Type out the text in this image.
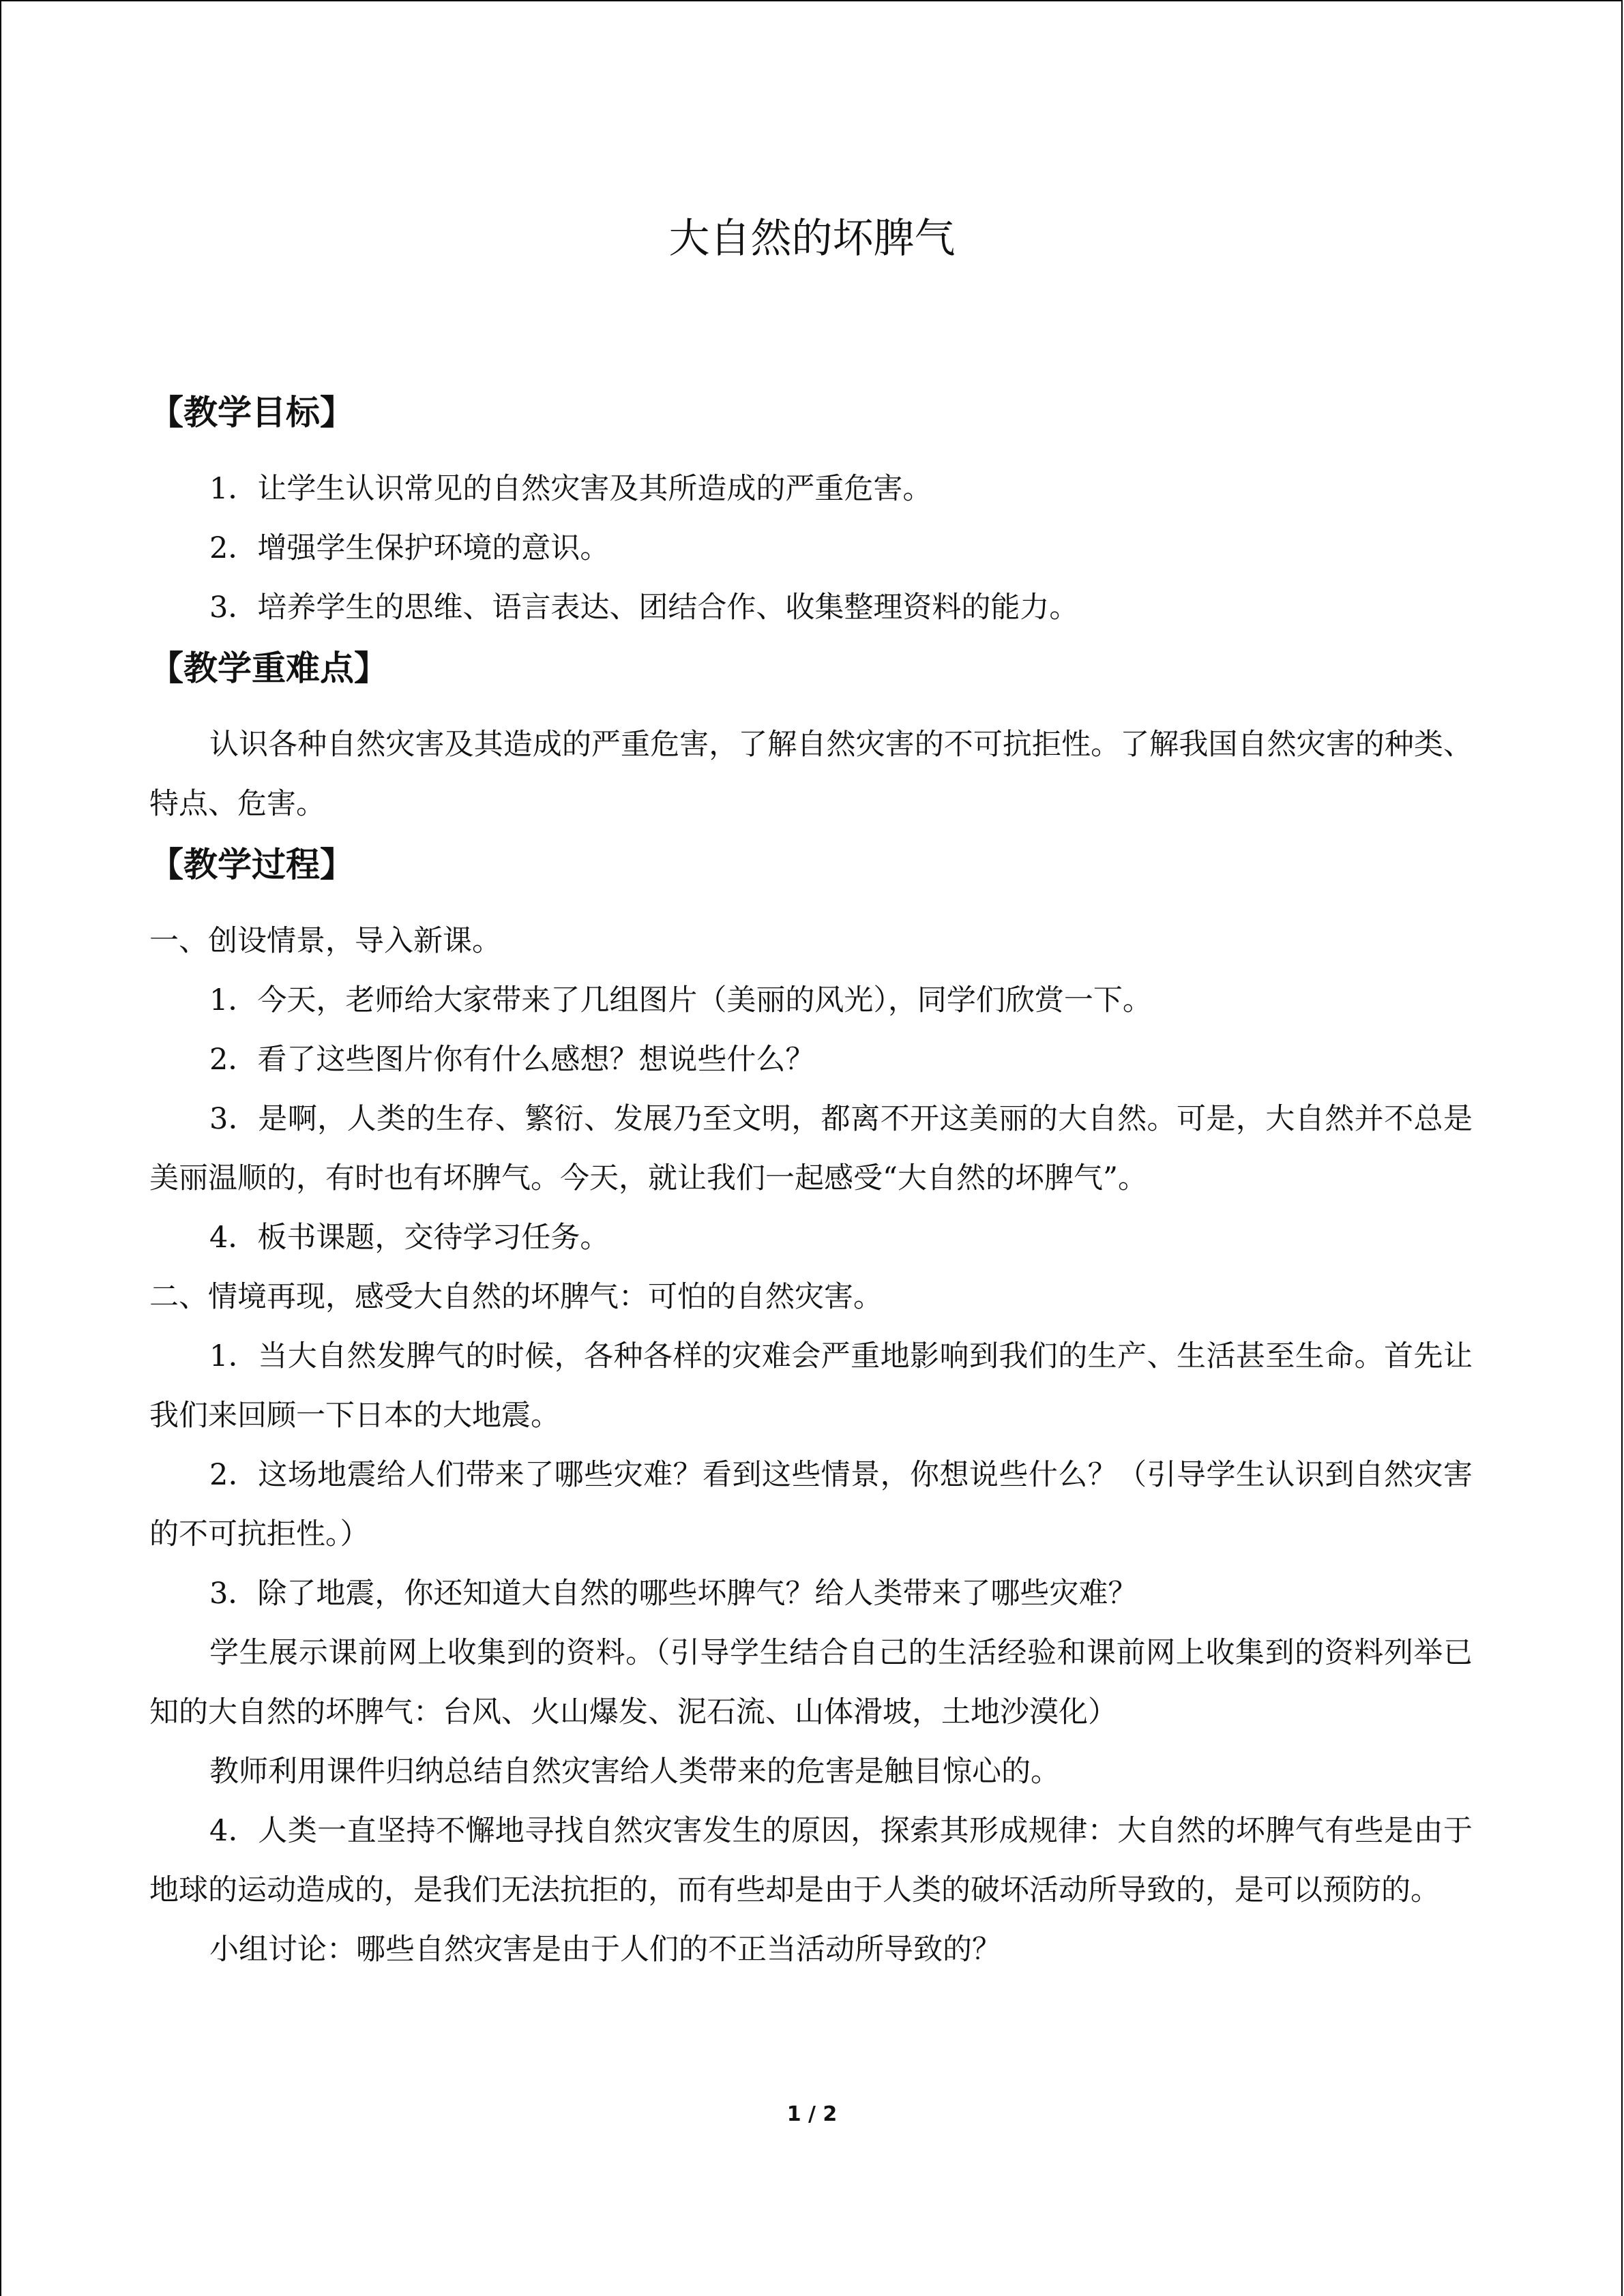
大自然的坏脾气

【教学目标】

1．让学生认识常见的自然灾害及其所造成的严重危害。

2．增强学生保护环境的意识。

3．培养学生的思维、语言表达、团结合作、收集整理资料的能力。

【教学重难点】

认识各种自然灾害及其造成的严重危害，了解自然灾害的不可抗拒性。了解我国自然灾害的种类、特点、危害。

【教学过程】

一、创设情景，导入新课。

1．今天，老师给大家带来了几组图片（美丽的风光），同学们欣赏一下。

2．看了这些图片你有什么感想？想说些什么？

3．是啊，人类的生存、繁衍、发展乃至文明，都离不开这美丽的大自然。可是，大自然并不总是美丽温顺的，有时也有坏脾气。今天，就让我们一起感受“大自然的坏脾气”。

4．板书课题，交待学习任务。

二、情境再现，感受大自然的坏脾气：可怕的自然灾害。

1．当大自然发脾气的时候，各种各样的灾难会严重地影响到我们的生产、生活甚至生命。首先让我们来回顾一下日本的大地震。

2．这场地震给人们带来了哪些灾难？看到这些情景，你想说些什么？（引导学生认识到自然灾害的不可抗拒性。）

3．除了地震，你还知道大自然的哪些坏脾气？给人类带来了哪些灾难？

学生展示课前网上收集到的资料。（引导学生结合自己的生活经验和课前网上收集到的资料列举已知的大自然的坏脾气：台风、火山爆发、泥石流、山体滑坡，土地沙漠化）

教师利用课件归纳总结自然灾害给人类带来的危害是触目惊心的。

4．人类一直坚持不懈地寻找自然灾害发生的原因，探索其形成规律：大自然的坏脾气有些是由于地球的运动造成的，是我们无法抗拒的，而有些却是由于人类的破坏活动所导致的，是可以预防的。

小组讨论：哪些自然灾害是由于人们的不正当活动所导致的？

1 / 2
